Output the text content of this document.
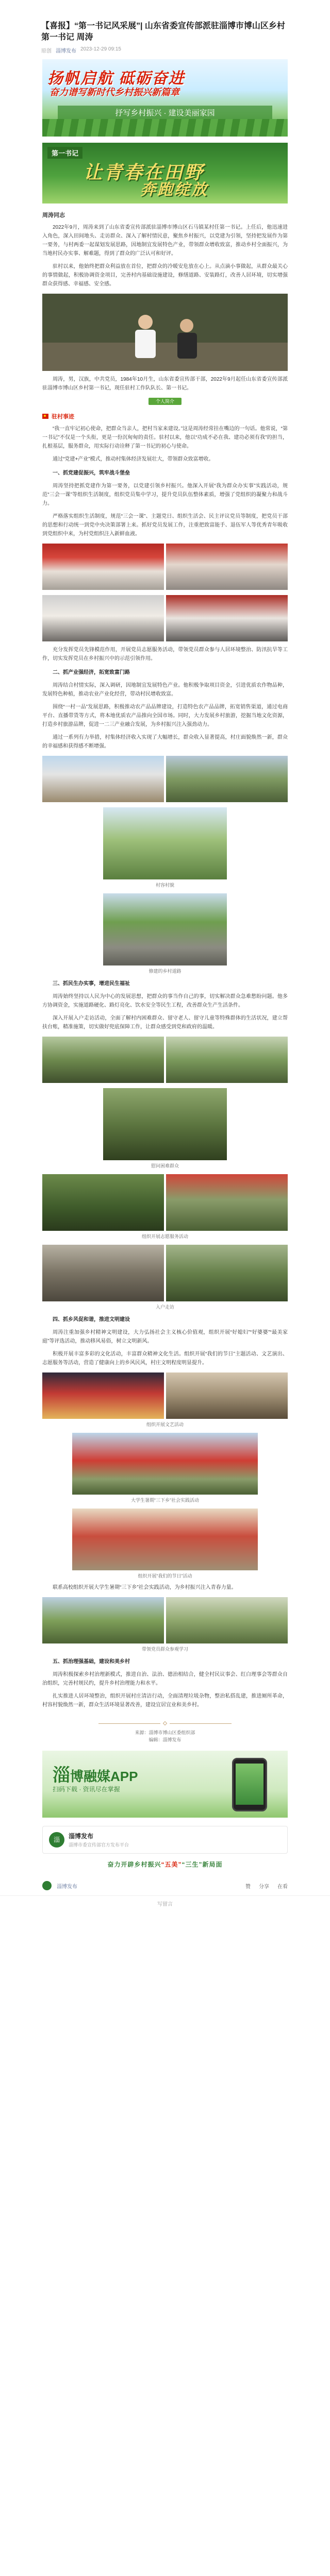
【喜报】“第一书记风采展”| 山东省委宣传部派驻淄博市博山区乡村第一书记 周涛
原创 淄博发布 2023-12-29 09:15
扬帆启航 砥砺奋进
奋力谱写新时代乡村振兴新篇章
抒写乡村振兴 · 建设美丽家园
第一书记
让青春在田野
奔跑绽放
周涛同志

2022年9月，周涛来到了山东省委宣传部派驻淄博市博山区石马镇某村任第一书记。上任后，他迅速进入角色，深入田间地头、走访群众、深入了解村情民意，聚焦乡村振兴，以党建为引领，坚持把发展作为第一要务，与村两委一起谋划发展思路，因地制宜发展特色产业，带领群众增收致富，推动乡村全面振兴，为当地村民办实事、解难题，得到了群众的广泛认可和好评。

驻村以来，他始终把群众利益放在首位，把群众的冷暖安危放在心上。从点滴小事做起，从群众最关心的事情做起，积极协调资金项目，完善村内基础设施建设，修缮道路、安装路灯，改善人居环境，切实增强群众获得感、幸福感、安全感。

周涛，男，汉族，中共党员，1984年10月生，山东省委宣传部干部，2022年9月起任山东省委宣传部派驻淄博市博山区乡村第一书记，现任驻村工作队队长、第一书记。

个人简介
驻村事迹

“我一直牢记初心使命，把群众当亲人，把村当家来建设。”这是周涛经常挂在嘴边的一句话。他常说，“第一书记”不仅是一个头衔，更是一份沉甸甸的责任。驻村以来，他以“功成不必在我、建功必须有我”的担当，扎根基层，服务群众，用实际行动诠释了第一书记的初心与使命。

通过“党建+产业”模式，推动村集体经济发展壮大，带领群众致富增收。

一、抓党建促振兴，筑牢战斗堡垒

周涛坚持把抓党建作为第一要务，以党建引领乡村振兴。他深入开展“我为群众办实事”实践活动，规范“三会一课”等组织生活制度，组织党员集中学习，提升党员队伍整体素质，增强了党组织的凝聚力和战斗力。

严格落实组织生活制度，规范“三会一课”、主题党日、组织生活会、民主评议党员等制度，把党员干部的思想和行动统一到党中央决策部署上来。抓好党员发展工作，注重把致富能手、退伍军人等优秀青年吸收到党组织中来，为村党组织注入新鲜血液。

充分发挥党员先锋模范作用，开展党员志愿服务活动，带领党员群众参与人居环境整治、防汛抗旱等工作，切实发挥党员在乡村振兴中的示范引领作用。

二、抓产业强经济，拓宽致富门路

周涛结合村情实际，深入调研，因地制宜发展特色产业。他积极争取项目资金，引进优质农作物品种，发展特色种植，推动农业产业化经营，带动村民增收致富。

围绕“一村一品”发展思路，积极推动农产品品牌建设，打造特色农产品品牌，拓宽销售渠道，通过电商平台、直播带货等方式，将本地优质农产品推向全国市场。同时，大力发展乡村旅游，挖掘当地文化资源，打造乡村旅游品牌，促进一二三产业融合发展，为乡村振兴注入强劲动力。

通过一系列有力举措，村集体经济收入实现了大幅增长，群众收入显著提高，村庄面貌焕然一新，群众的幸福感和获得感不断增强。

村容村貌
修建的乡村道路

三、抓民生办实事，增进民生福祉

周涛始终坚持以人民为中心的发展思想，把群众的事当作自己的事，切实解决群众急难愁盼问题。他多方协调资金，实施道路硬化、路灯亮化、饮水安全等民生工程，改善群众生产生活条件。

深入开展入户走访活动，全面了解村内困难群众、留守老人、留守儿童等特殊群体的生活状况，建立帮扶台账，精准施策，切实做好兜底保障工作，让群众感受到党和政府的温暖。

慰问困难群众
组织开展志愿服务活动
入户走访

四、抓乡风促和谐，推进文明建设

周涛注重加强乡村精神文明建设，大力弘扬社会主义核心价值观，组织开展“好媳妇”“好婆婆”“最美家庭”等评选活动，推动移风易俗，树立文明新风。

积极开展丰富多彩的文化活动，丰富群众精神文化生活。组织开展“我们的节日”主题活动、文艺演出、志愿服务等活动，营造了健康向上的乡风民风，村庄文明程度明显提升。

组织开展文艺活动
大学生暑期“三下乡”社会实践活动
组织开展“我们的节日”活动

联系高校组织开展大学生暑期“三下乡”社会实践活动，为乡村振兴注入青春力量。

带领党员群众参观学习

五、抓治理强基础，建设和美乡村

周涛积极探索乡村治理新模式，推进自治、法治、德治相结合，健全村民议事会、红白理事会等群众自治组织，完善村规民约，提升乡村治理能力和水平。

扎实推进人居环境整治，组织开展村庄清洁行动，全面清理垃圾杂物，整治私搭乱建，推进厕所革命，村容村貌焕然一新，群众生活环境显著改善，建设宜居宜业和美乡村。

来源：淄博市博山区委组织部
编辑：淄博发布
淄博融媒APP
扫码下载 · 资讯尽在掌握
淄	淄博发布
淄博市委宣传部官方发布平台
奋力开辟乡村振兴“五美”“三生”新局面
淄博发布	赞 分享 在看
写留言
